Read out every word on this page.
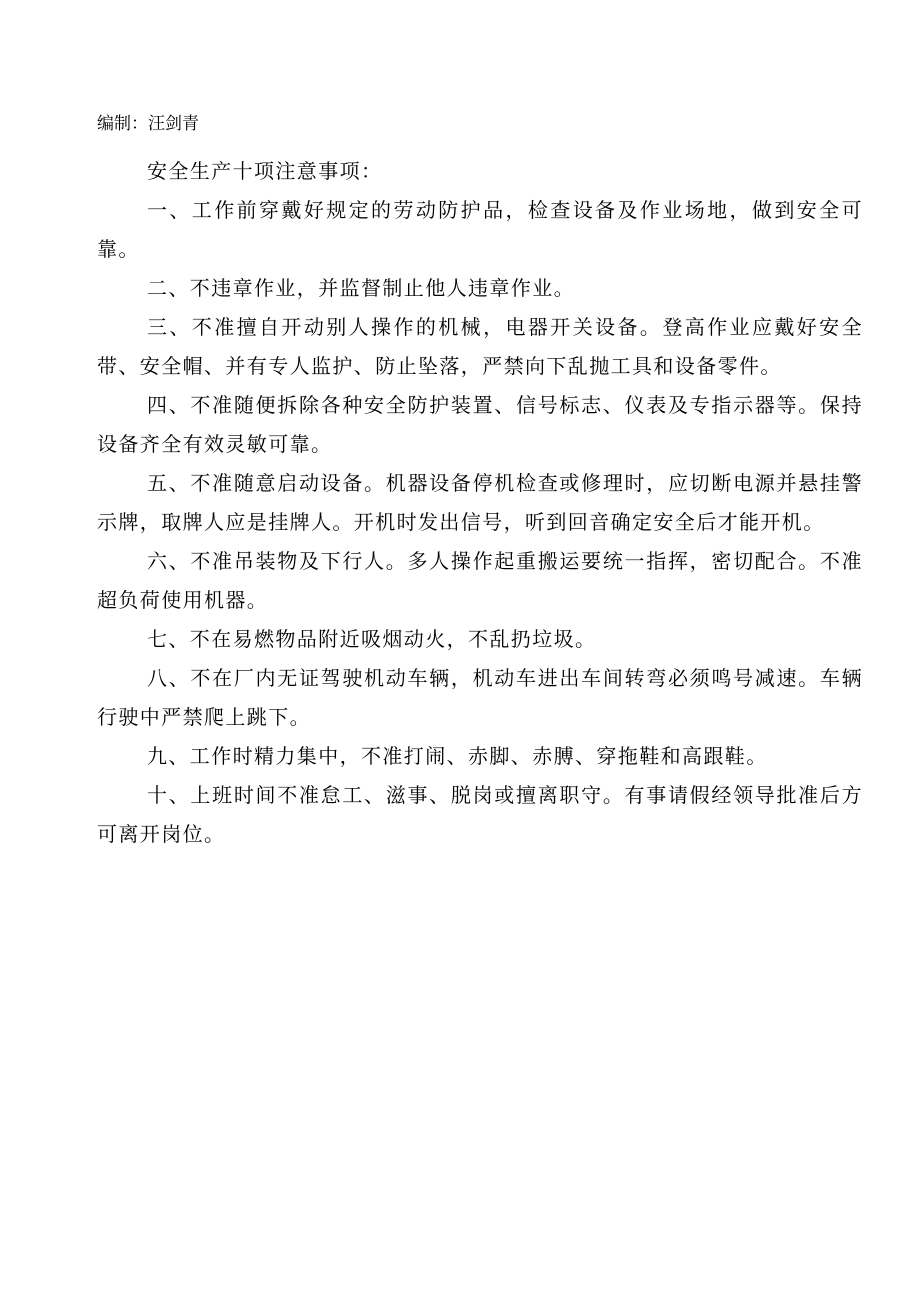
编制：汪剑青

安全生产十项注意事项：

一、工作前穿戴好规定的劳动防护品，检查设备及作业场地，做到安全可靠。

二、不违章作业，并监督制止他人违章作业。

三、不准擅自开动别人操作的机械，电器开关设备。登高作业应戴好安全带、安全帽、并有专人监护、防止坠落，严禁向下乱抛工具和设备零件。

四、不准随便拆除各种安全防护装置、信号标志、仪表及专指示器等。保持设备齐全有效灵敏可靠。

五、不准随意启动设备。机器设备停机检查或修理时，应切断电源并悬挂警示牌，取牌人应是挂牌人。开机时发出信号，听到回音确定安全后才能开机。

六、不准吊装物及下行人。多人操作起重搬运要统一指挥，密切配合。不准超负荷使用机器。

七、不在易燃物品附近吸烟动火，不乱扔垃圾。

八、不在厂内无证驾驶机动车辆，机动车进出车间转弯必须鸣号减速。车辆行驶中严禁爬上跳下。

九、工作时精力集中，不准打闹、赤脚、赤膊、穿拖鞋和高跟鞋。

十、上班时间不准怠工、滋事、脱岗或擅离职守。有事请假经领导批准后方可离开岗位。
